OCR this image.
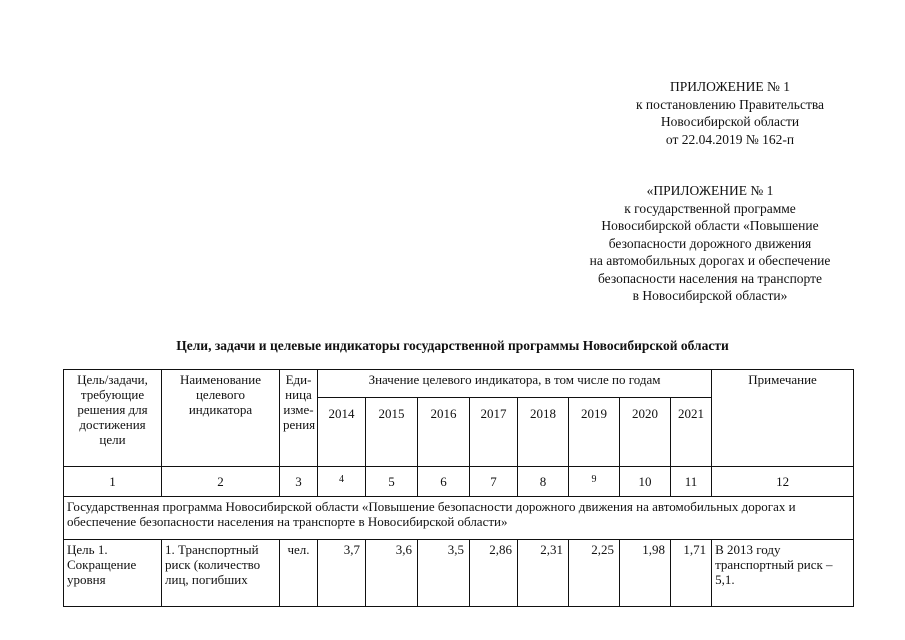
ПРИЛОЖЕНИЕ № 1
к постановлению Правительства
Новосибирской области
от 22.04.2019 № 162-п
«ПРИЛОЖЕНИЕ № 1
к государственной программе
Новосибирской области «Повышение
безопасности дорожного движения
на автомобильных дорогах и обеспечение
безопасности населения на транспорте
в Новосибирской области»
Цели, задачи и целевые индикаторы государственной программы Новосибирской области
Цель/задачи, требующие решения для достижения цели	Наименование целевого индикатора	Еди-ница изме-рения	Значение целевого индикатора, в том числе по годам								Примечание
			2014	2015	2016	2017	2018	2019	2020	2021	
1	2	3	4	5	6	7	8	9	10	11	12
Государственная программа Новосибирской области «Повышение безопасности дорожного движения на автомобильных дорогах и обеспечение безопасности населения на транспорте в Новосибирской области»											
Цель 1. Сокращение уровня	1. Транспортный риск (количество лиц, погибших	чел.	3,7	3,6	3,5	2,86	2,31	2,25	1,98	1,71	В 2013 году транспортный риск – 5,1.
